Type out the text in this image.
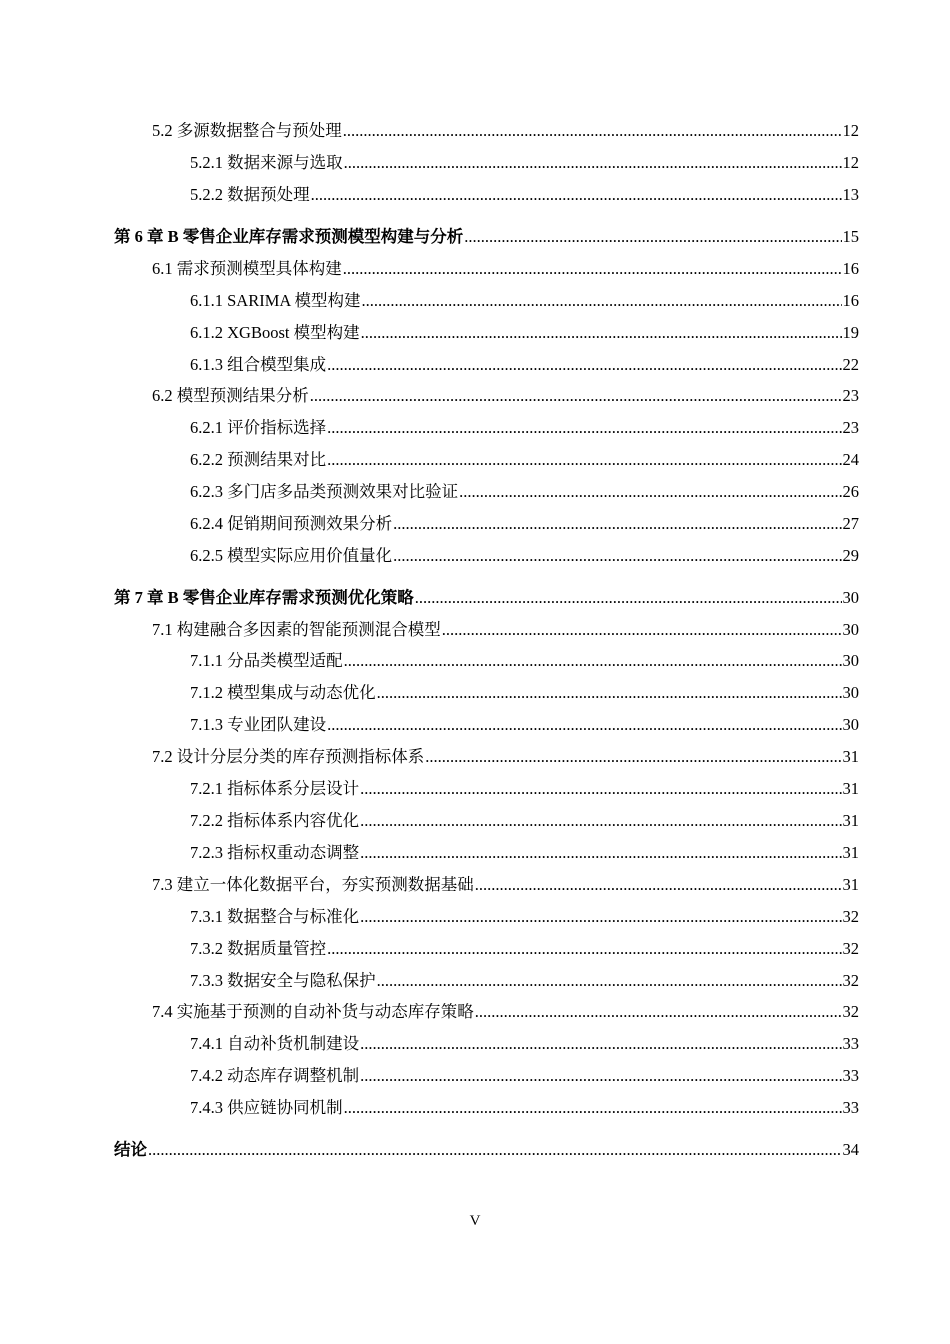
5.2 多源数据整合与预处理 .....	12
5.2.1 数据来源与选取 .....	12
5.2.2 数据预处理 .....	13
第 6 章 B 零售企业库存需求预测模型构建与分析 .....	15
6.1 需求预测模型具体构建 .....	16
6.1.1 SARIMA 模型构建 .....	16
6.1.2 XGBoost 模型构建 .....	19
6.1.3 组合模型集成 .....	22
6.2 模型预测结果分析 .....	23
6.2.1 评价指标选择 .....	23
6.2.2 预测结果对比 .....	24
6.2.3 多门店多品类预测效果对比验证 .....	26
6.2.4 促销期间预测效果分析 .....	27
6.2.5 模型实际应用价值量化 .....	29
第 7 章 B 零售企业库存需求预测优化策略 .....	30
7.1 构建融合多因素的智能预测混合模型 .....	30
7.1.1 分品类模型适配 .....	30
7.1.2 模型集成与动态优化 .....	30
7.1.3 专业团队建设 .....	30
7.2 设计分层分类的库存预测指标体系 .....	31
7.2.1 指标体系分层设计 .....	31
7.2.2 指标体系内容优化 .....	31
7.2.3 指标权重动态调整 .....	31
7.3 建立一体化数据平台，夯实预测数据基础 .....	31
7.3.1 数据整合与标准化 .....	32
7.3.2 数据质量管控 .....	32
7.3.3 数据安全与隐私保护 .....	32
7.4 实施基于预测的自动补货与动态库存策略 .....	32
7.4.1 自动补货机制建设 .....	33
7.4.2 动态库存调整机制 .....	33
7.4.3 供应链协同机制 .....	33
结论 .....	34
V
